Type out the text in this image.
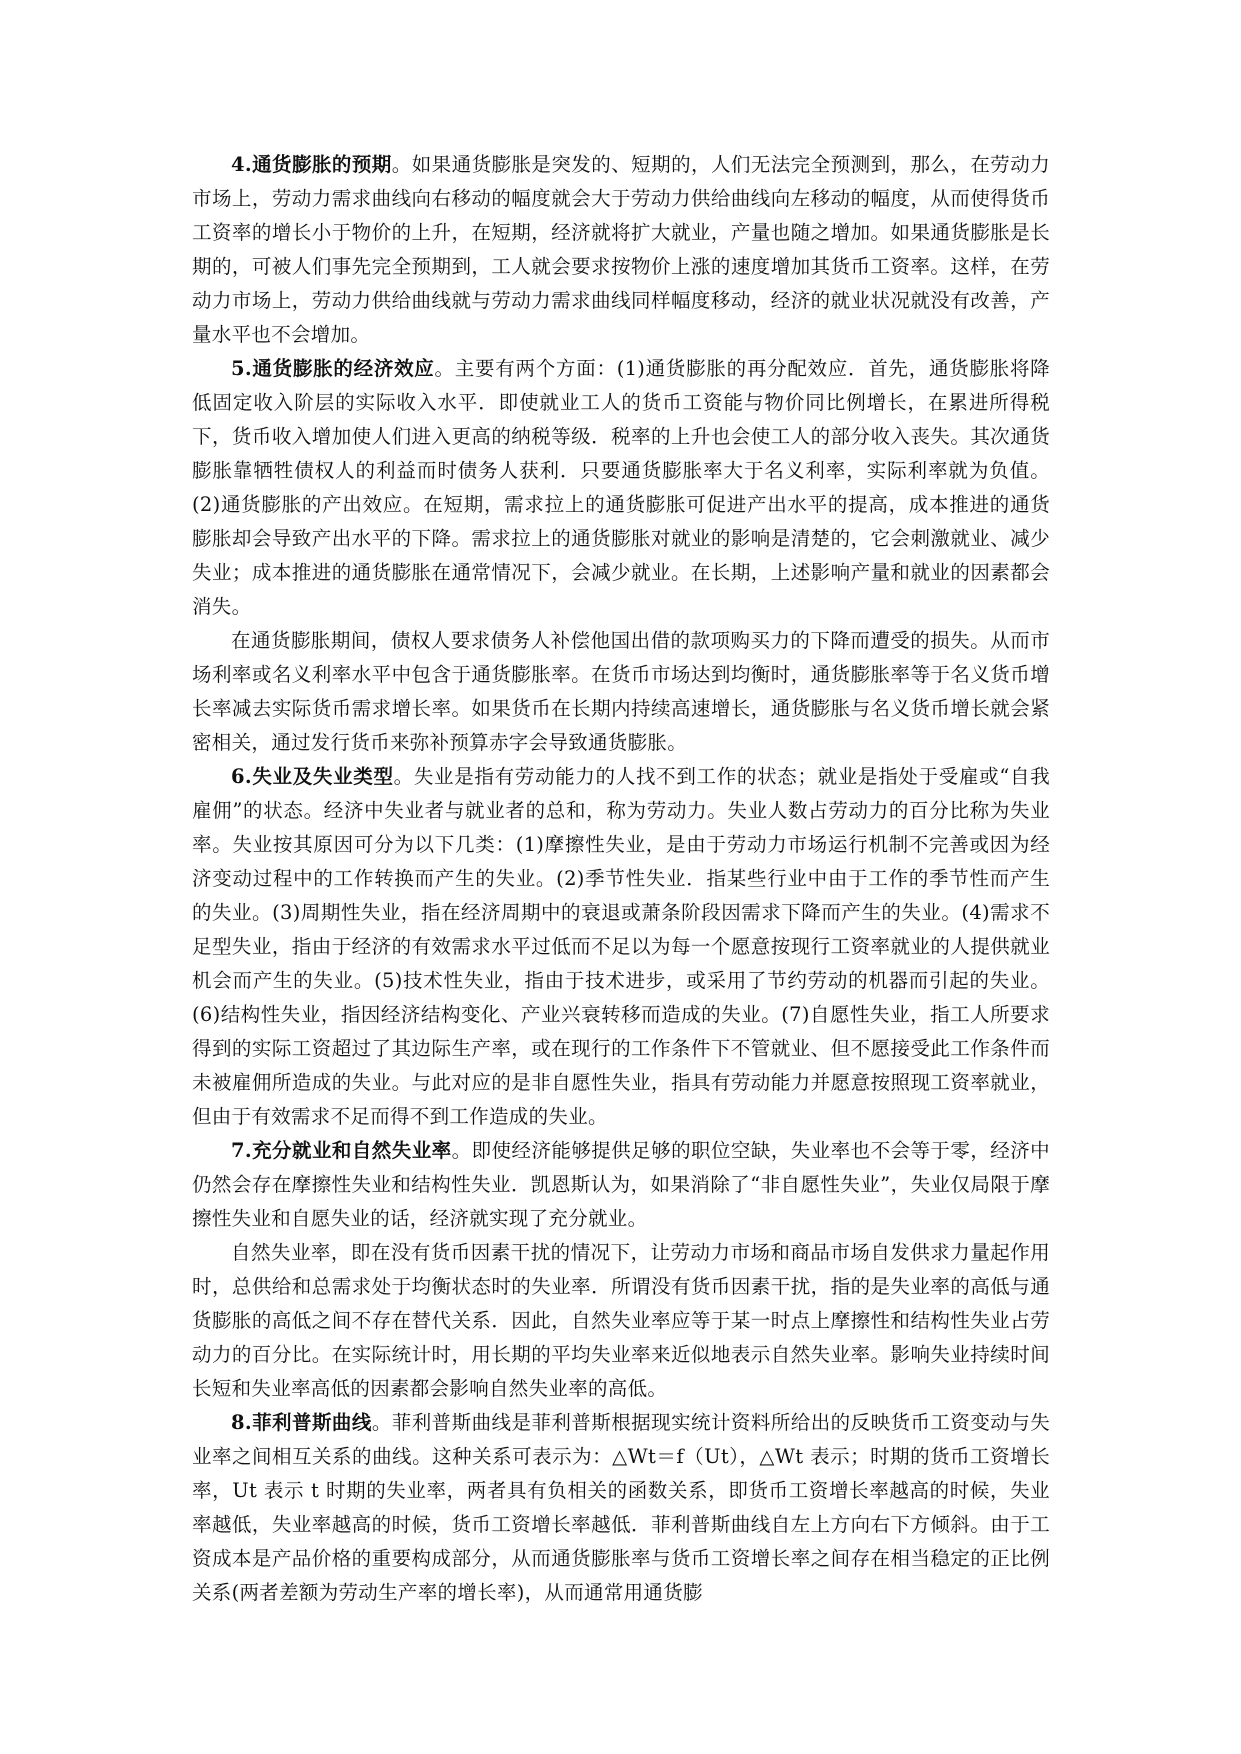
4.通货膨胀的预期。如果通货膨胀是突发的、短期的，人们无法完全预测到，那么，在劳动力市场上，劳动力需求曲线向右移动的幅度就会大于劳动力供给曲线向左移动的幅度，从而使得货币工资率的增长小于物价的上升，在短期，经济就将扩大就业，产量也随之增加。如果通货膨胀是长期的，可被人们事先完全预期到，工人就会要求按物价上涨的速度增加其货币工资率。这样，在劳动力市场上，劳动力供给曲线就与劳动力需求曲线同样幅度移动，经济的就业状况就没有改善，产量水平也不会增加。

5.通货膨胀的经济效应。主要有两个方面：(1)通货膨胀的再分配效应．首先，通货膨胀将降低固定收入阶层的实际收入水平．即使就业工人的货币工资能与物价同比例增长，在累进所得税下，货币收入增加使人们进入更高的纳税等级．税率的上升也会使工人的部分收入丧失。其次通货膨胀靠牺牲债权人的利益而时债务人获利．只要通货膨胀率大于名义利率，实际利率就为负值。(2)通货膨胀的产出效应。在短期，需求拉上的通货膨胀可促进产出水平的提高，成本推进的通货膨胀却会导致产出水平的下降。需求拉上的通货膨胀对就业的影响是清楚的，它会刺激就业、减少失业；成本推进的通货膨胀在通常情况下，会减少就业。在长期，上述影响产量和就业的因素都会消失。

在通货膨胀期间，债权人要求债务人补偿他国出借的款项购买力的下降而遭受的损失。从而市场利率或名义利率水平中包含于通货膨胀率。在货币市场达到均衡时，通货膨胀率等于名义货币增长率减去实际货币需求增长率。如果货币在长期内持续高速增长，通货膨胀与名义货币增长就会紧密相关，通过发行货币来弥补预算赤字会导致通货膨胀。

6.失业及失业类型。失业是指有劳动能力的人找不到工作的状态；就业是指处于受雇或“自我雇佣”的状态。经济中失业者与就业者的总和，称为劳动力。失业人数占劳动力的百分比称为失业率。失业按其原因可分为以下几类：(1)摩擦性失业，是由于劳动力市场运行机制不完善或因为经济变动过程中的工作转换而产生的失业。(2)季节性失业．指某些行业中由于工作的季节性而产生的失业。(3)周期性失业，指在经济周期中的衰退或萧条阶段因需求下降而产生的失业。(4)需求不足型失业，指由于经济的有效需求水平过低而不足以为每一个愿意按现行工资率就业的人提供就业机会而产生的失业。(5)技术性失业，指由于技术进步，或采用了节约劳动的机器而引起的失业。(6)结构性失业，指因经济结构变化、产业兴衰转移而造成的失业。(7)自愿性失业，指工人所要求得到的实际工资超过了其边际生产率，或在现行的工作条件下不管就业、但不愿接受此工作条件而未被雇佣所造成的失业。与此对应的是非自愿性失业，指具有劳动能力并愿意按照现工资率就业，但由于有效需求不足而得不到工作造成的失业。

7.充分就业和自然失业率。即使经济能够提供足够的职位空缺，失业率也不会等于零，经济中仍然会存在摩擦性失业和结构性失业．凯恩斯认为，如果消除了“非自愿性失业”，失业仅局限于摩擦性失业和自愿失业的话，经济就实现了充分就业。

自然失业率，即在没有货币因素干扰的情况下，让劳动力市场和商品市场自发供求力量起作用时，总供给和总需求处于均衡状态时的失业率．所谓没有货币因素干扰，指的是失业率的高低与通货膨胀的高低之间不存在替代关系．因此，自然失业率应等于某一时点上摩擦性和结构性失业占劳动力的百分比。在实际统计时，用长期的平均失业率来近似地表示自然失业率。影响失业持续时间长短和失业率高低的因素都会影响自然失业率的高低。

8.菲利普斯曲线。菲利普斯曲线是菲利普斯根据现实统计资料所给出的反映货币工资变动与失业率之间相互关系的曲线。这种关系可表示为：△Wt＝f（Ut），△Wt 表示；时期的货币工资增长率，Ut 表示 t 时期的失业率，两者具有负相关的函数关系，即货币工资增长率越高的时候，失业率越低，失业率越高的时候，货币工资增长率越低．菲利普斯曲线自左上方向右下方倾斜。由于工资成本是产品价格的重要构成部分，从而通货膨胀率与货币工资增长率之间存在相当稳定的正比例关系(两者差额为劳动生产率的增长率)，从而通常用通货膨
